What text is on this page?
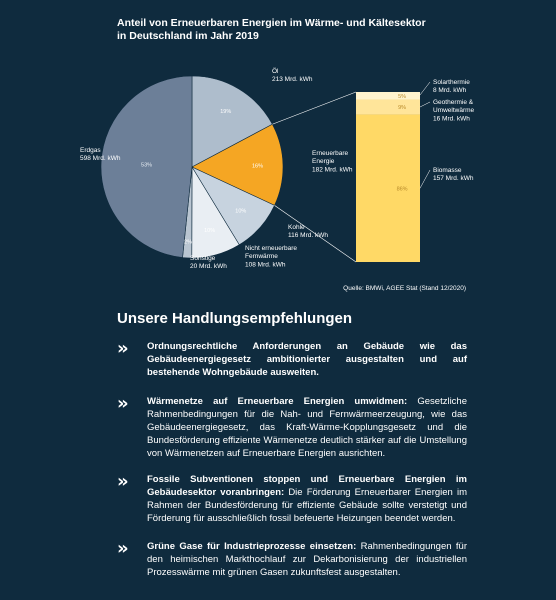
Anteil von Erneuerbaren Energien im Wärme- und Kältesektor in Deutschland im Jahr 2019
53%
19%
16%
10%
10%
2%
Erdgas 598 Mrd. kWh
Öl 213 Mrd. kWh
Erneuerbare Energie 182 Mrd. kWh
Kohle 116 Mrd. kWh
Nicht erneuerbare Fernwärme 108 Mrd. kWh
Sonstige 20 Mrd. kWh
5%
9%
86%
Solarthermie 8 Mrd. kWh
Geothermie & Umweltwärme 16 Mrd. kWh
Biomasse 157 Mrd. kWh
Quelle: BMWi, AGEE Stat (Stand 12/2020)
Unsere Handlungsempfehlungen
» Ordnungsrechtliche Anforderungen an Gebäude wie das Gebäudeenergiegesetz ambitionierter ausgestalten und auf bestehende Wohngebäude ausweiten.
» Wärmenetze auf Erneuerbare Energien umwidmen: Gesetzliche Rahmenbedingungen für die Nah- und Fernwärmeerzeugung, wie das Gebäudeenergiegesetz, das Kraft-Wärme-Kopplungsgesetz und die Bundesförderung effiziente Wärmenetze deutlich stärker auf die Umstellung von Wärmenetzen auf Erneuerbare Energien ausrichten.
» Fossile Subventionen stoppen und Erneuerbare Energien im Gebäudesektor voranbringen: Die Förderung Erneuerbarer Energien im Rahmen der Bundesförderung für effiziente Gebäude sollte verstetigt und Förderung für ausschließlich fossil befeuerte Heizungen beendet werden.
» Grüne Gase für Industrieprozesse einsetzen: Rahmenbedingungen für den heimischen Markthochlauf zur Dekarbonisierung der industriellen Prozesswärme mit grünen Gasen zukunftsfest ausgestalten.
